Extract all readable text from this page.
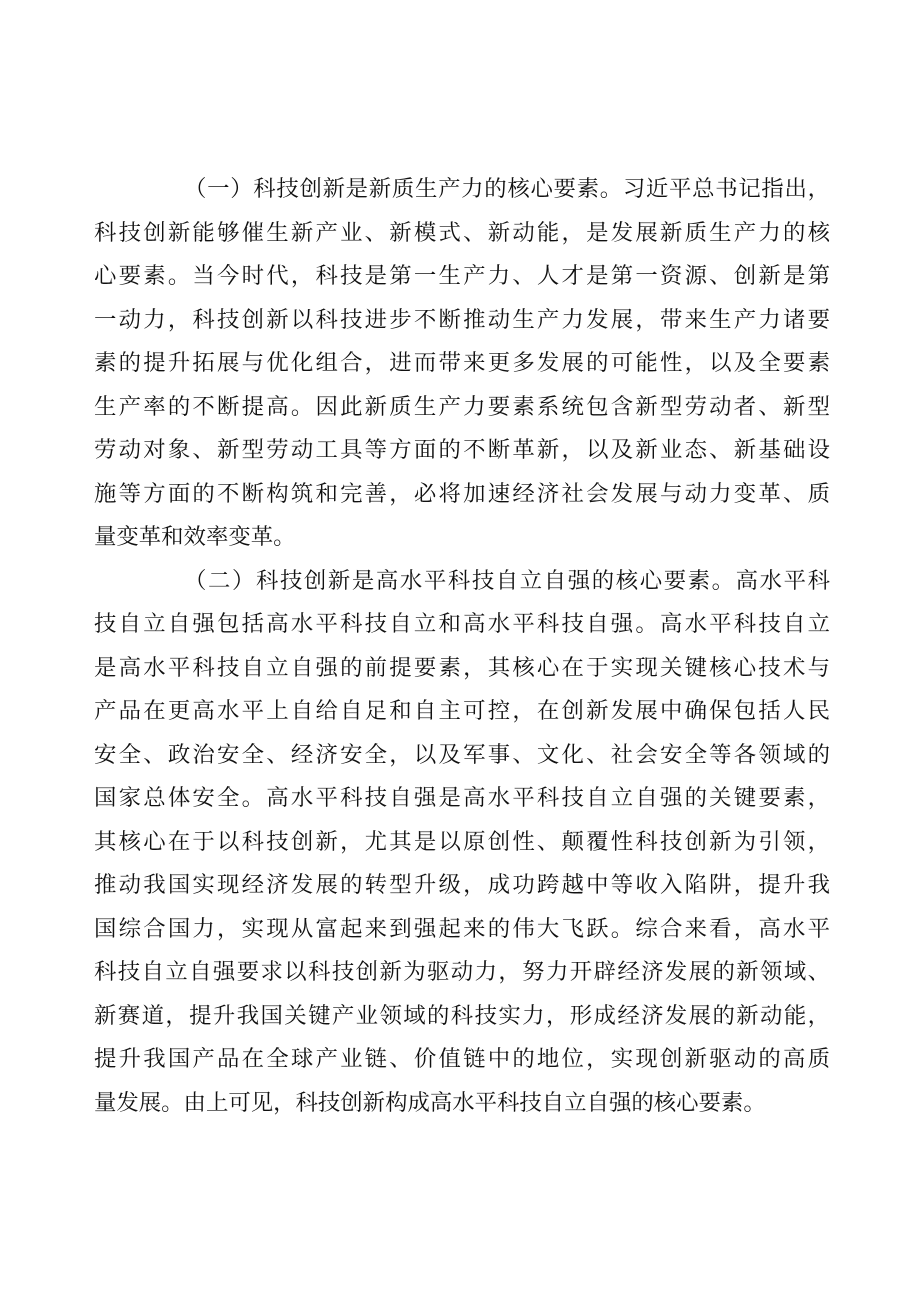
（一）科技创新是新质生产力的核心要素。习近平总书记指出，
科技创新能够催生新产业、新模式、新动能，是发展新质生产力的核
心要素。当今时代，科技是第一生产力、人才是第一资源、创新是第
一动力，科技创新以科技进步不断推动生产力发展，带来生产力诸要
素的提升拓展与优化组合，进而带来更多发展的可能性，以及全要素
生产率的不断提高。因此新质生产力要素系统包含新型劳动者、新型
劳动对象、新型劳动工具等方面的不断革新，以及新业态、新基础设
施等方面的不断构筑和完善，必将加速经济社会发展与动力变革、质
量变革和效率变革。
（二）科技创新是高水平科技自立自强的核心要素。高水平科
技自立自强包括高水平科技自立和高水平科技自强。高水平科技自立
是高水平科技自立自强的前提要素，其核心在于实现关键核心技术与
产品在更高水平上自给自足和自主可控，在创新发展中确保包括人民
安全、政治安全、经济安全，以及军事、文化、社会安全等各领域的
国家总体安全。高水平科技自强是高水平科技自立自强的关键要素，
其核心在于以科技创新，尤其是以原创性、颠覆性科技创新为引领，
推动我国实现经济发展的转型升级，成功跨越中等收入陷阱，提升我
国综合国力，实现从富起来到强起来的伟大飞跃。综合来看，高水平
科技自立自强要求以科技创新为驱动力，努力开辟经济发展的新领域、
新赛道，提升我国关键产业领域的科技实力，形成经济发展的新动能，
提升我国产品在全球产业链、价值链中的地位，实现创新驱动的高质
量发展。由上可见，科技创新构成高水平科技自立自强的核心要素。
